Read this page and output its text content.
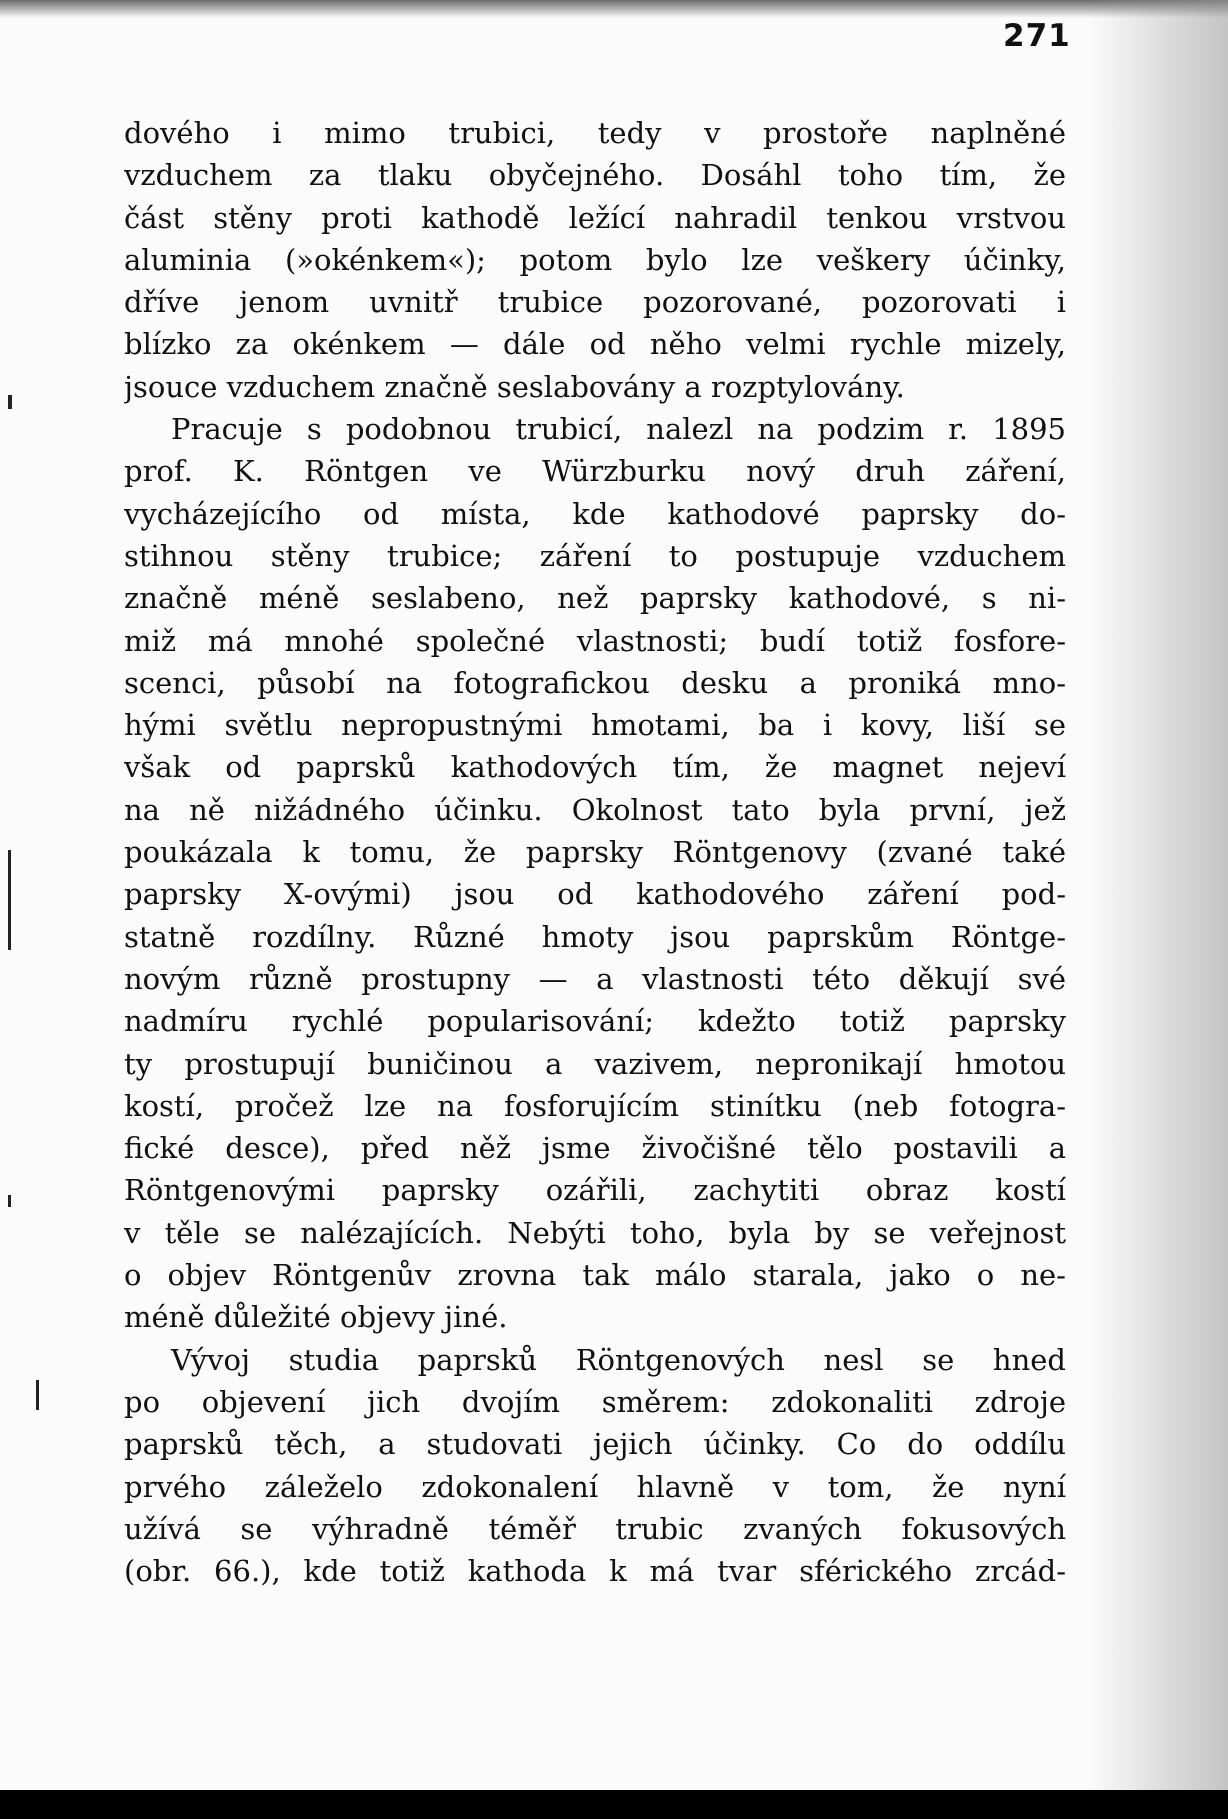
271
dového i mimo trubici, tedy v prostoře naplněné
vzduchem za tlaku obyčejného. Dosáhl toho tím, že
část stěny proti kathodě ležící nahradil tenkou vrstvou
aluminia (»okénkem«); potom bylo lze veškery účinky,
dříve jenom uvnitř trubice pozorované, pozorovati i
blízko za okénkem — dále od něho velmi rychle mizely,
jsouce vzduchem značně seslabovány a rozptylovány.
Pracuje s podobnou trubicí, nalezl na podzim r. 1895
prof. K. Röntgen ve Würzburku nový druh záření,
vycházejícího od místa, kde kathodové paprsky do-
stihnou stěny trubice; záření to postupuje vzduchem
značně méně seslabeno, než paprsky kathodové, s ni-
miž má mnohé společné vlastnosti; budí totiž fosfore-
scenci, působí na fotografickou desku a proniká mno-
hými světlu nepropustnými hmotami, ba i kovy, liší se
však od paprsků kathodových tím, že magnet nejeví
na ně nižádného účinku. Okolnost tato byla první, jež
poukázala k tomu, že paprsky Röntgenovy (zvané také
paprsky X-ovými) jsou od kathodového záření pod-
statně rozdílny. Různé hmoty jsou paprskům Röntge-
novým různě prostupny — a vlastnosti této děkují své
nadmíru rychlé popularisování; kdežto totiž paprsky
ty prostupují buničinou a vazivem, nepronikají hmotou
kostí, pročež lze na fosforujícím stinítku (neb fotogra-
fické desce), před něž jsme živočišné tělo postavili a
Röntgenovými paprsky ozářili, zachytiti obraz kostí
v těle se nalézajících. Nebýti toho, byla by se veřejnost
o objev Röntgenův zrovna tak málo starala, jako o ne-
méně důležité objevy jiné.
Vývoj studia paprsků Röntgenových nesl se hned
po objevení jich dvojím směrem: zdokonaliti zdroje
paprsků těch, a studovati jejich účinky. Co do oddílu
prvého záleželo zdokonalení hlavně v tom, že nyní
užívá se výhradně téměř trubic zvaných fokusových
(obr. 66.), kde totiž kathoda k má tvar sférického zrcád-
